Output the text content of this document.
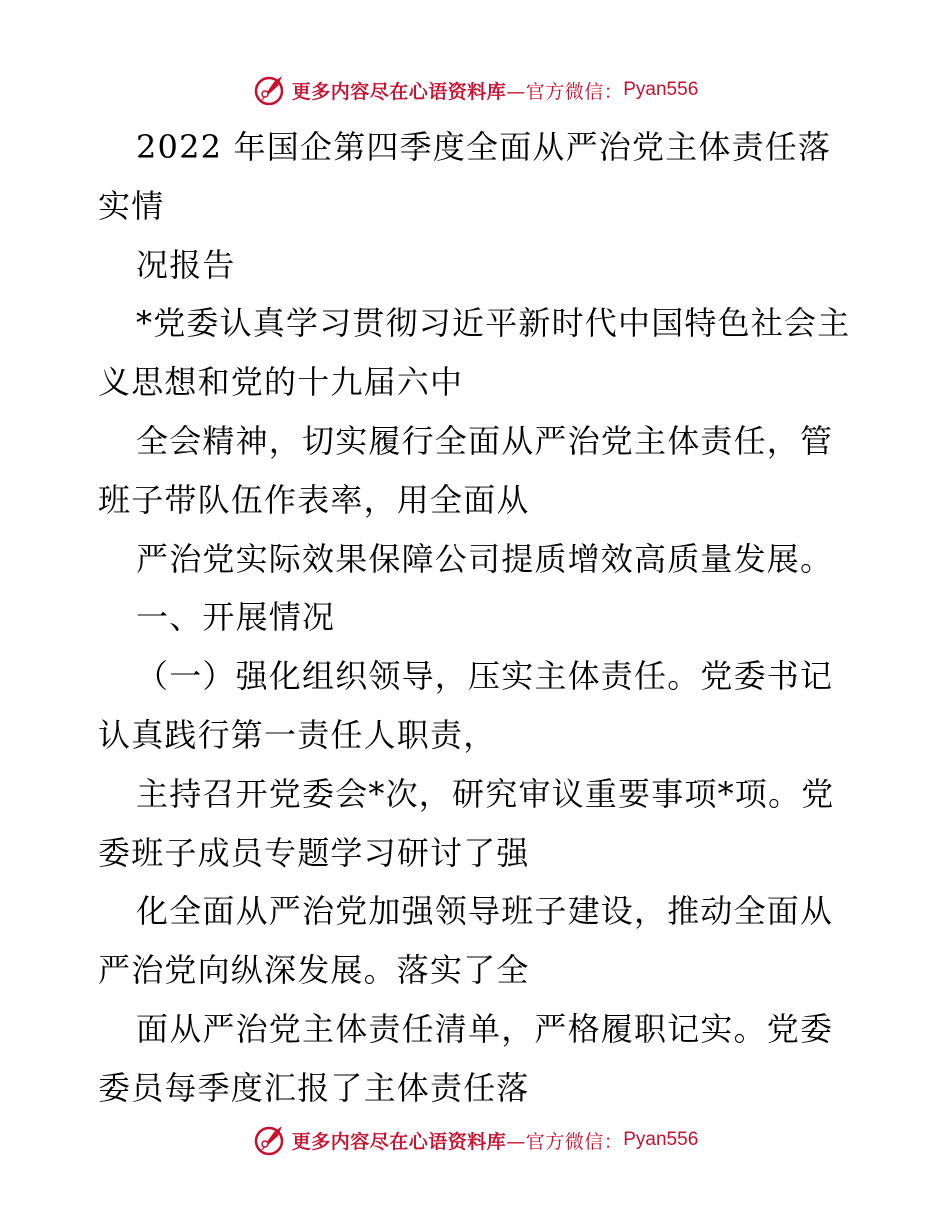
更多内容尽在心语资料库 —官方微信： Pyan556

2022 年国企第四季度全面从严治党主体责任落实情

况报告

*党委认真学习贯彻习近平新时代中国特色社会主义思想和党的十九届六中

全会精神，切实履行全面从严治党主体责任，管班子带队伍作表率，用全面从

严治党实际效果保障公司提质增效高质量发展。

一、开展情况

（一）强化组织领导，压实主体责任。党委书记认真践行第一责任人职责，

主持召开党委会*次，研究审议重要事项*项。党委班子成员专题学习研讨了强

化全面从严治党加强领导班子建设，推动全面从严治党向纵深发展。落实了全

面从严治党主体责任清单，严格履职记实。党委委员每季度汇报了主体责任落

更多内容尽在心语资料库 —官方微信： Pyan556
